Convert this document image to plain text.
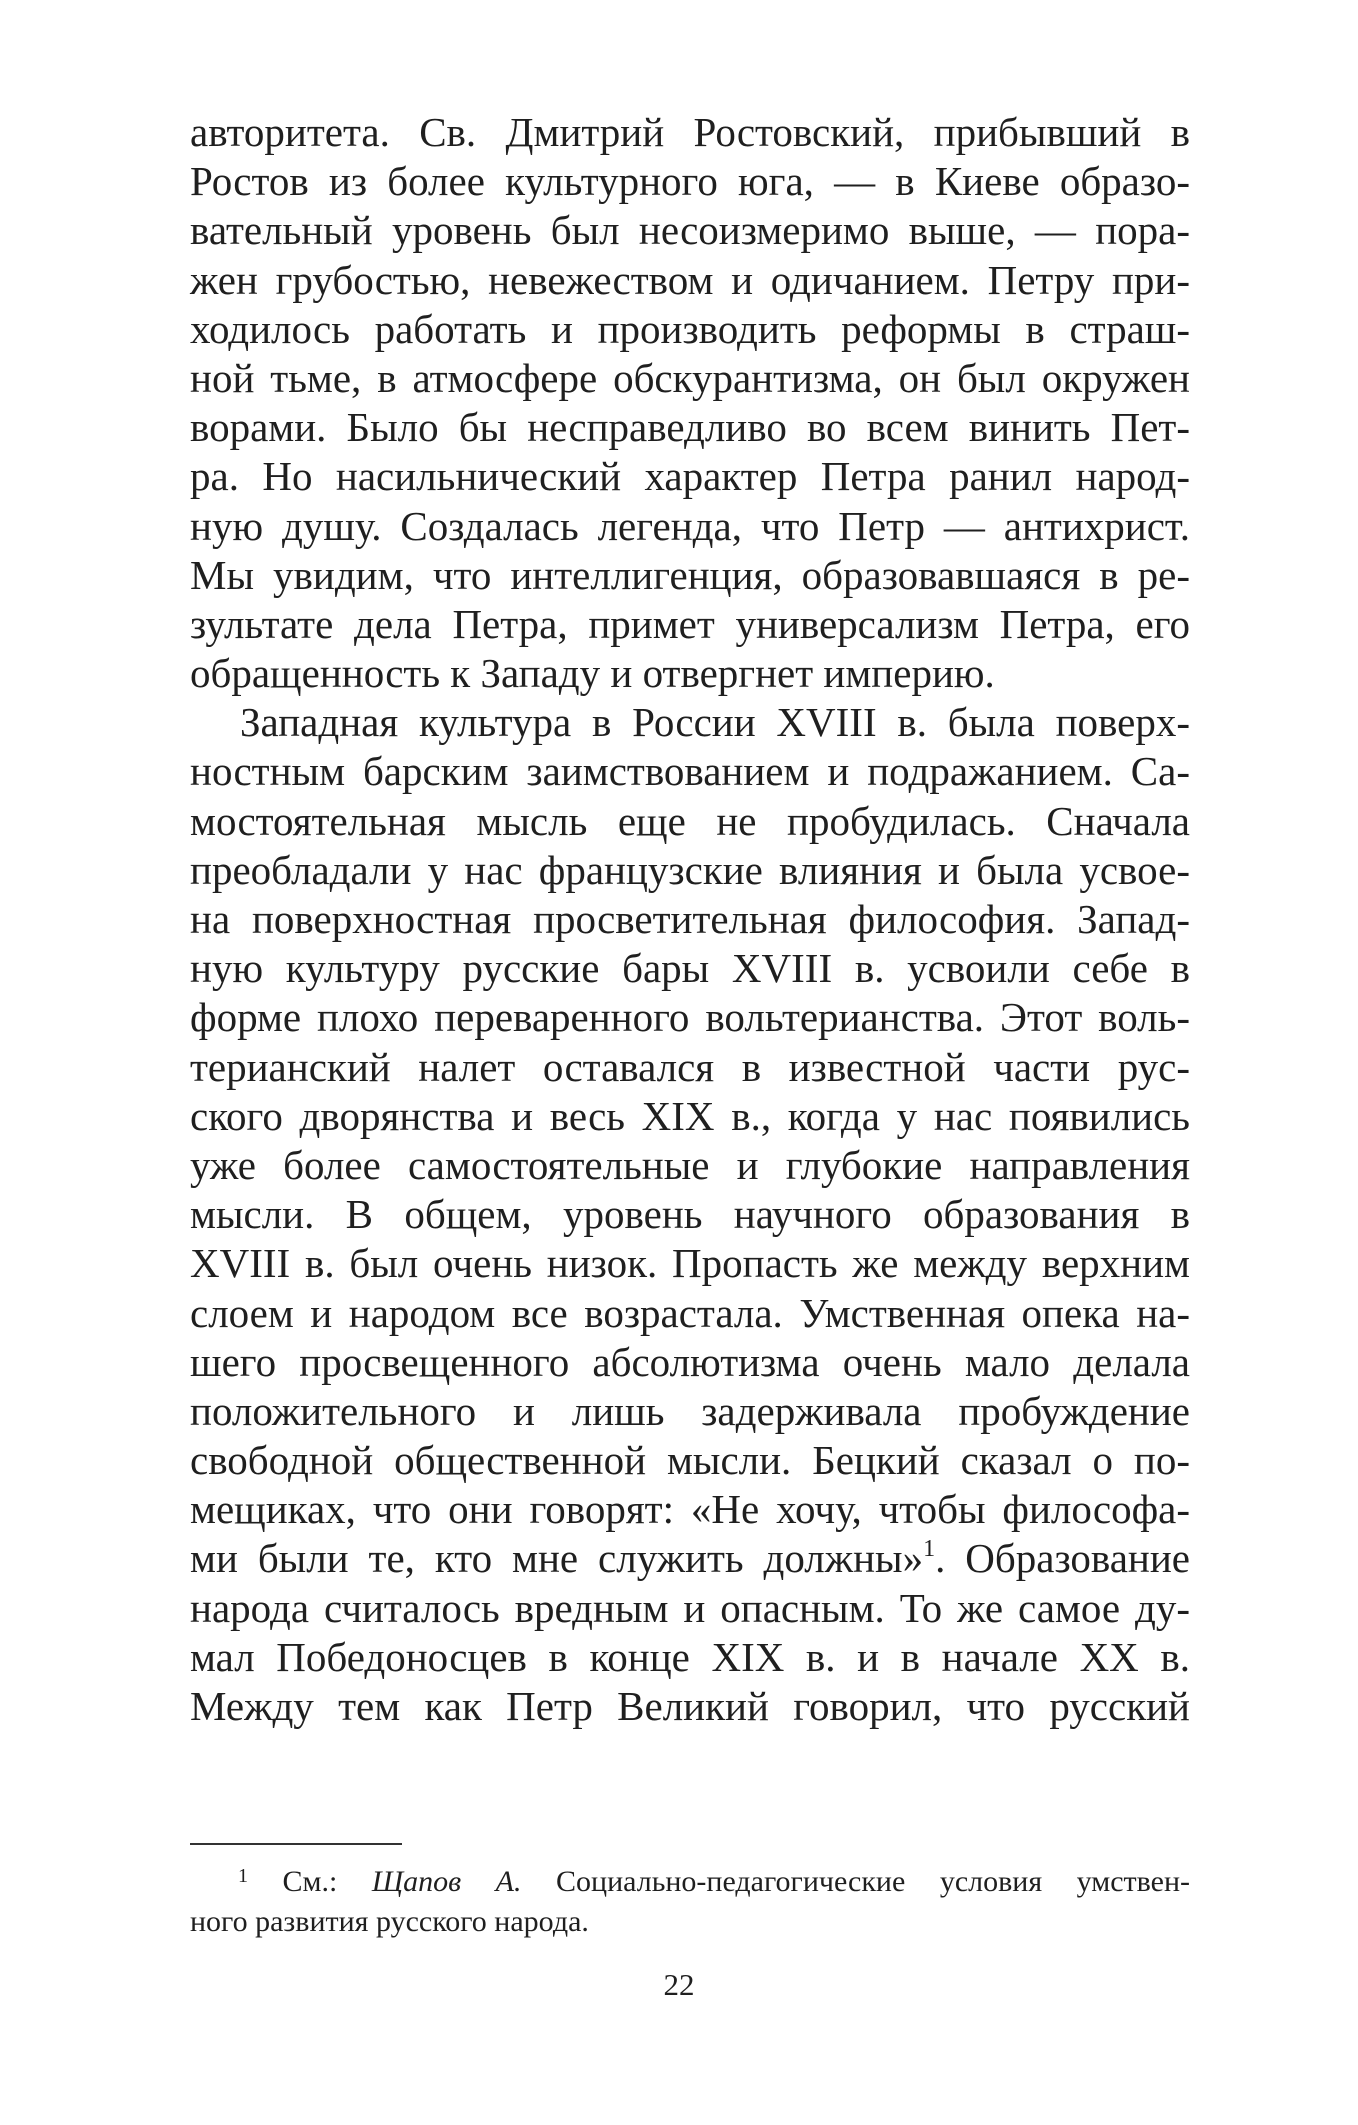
авторитета. Св. Дмитрий Ростовский, прибывший в
Ростов из более культурного юга, — в Киеве образо-
вательный уровень был несоизмеримо выше, — пора-
жен грубостью, невежеством и одичанием. Петру при-
ходилось работать и производить реформы в страш-
ной тьме, в атмосфере обскурантизма, он был окружен
ворами. Было бы несправедливо во всем винить Пет-
ра. Но насильнический характер Петра ранил народ-
ную душу. Создалась легенда, что Петр — антихрист.
Мы увидим, что интеллигенция, образовавшаяся в ре-
зультате дела Петра, примет универсализм Петра, его
обращенность к Западу и отвергнет империю.
Западная культура в России XVIII в. была поверх-
ностным барским заимствованием и подражанием. Са-
мостоятельная мысль еще не пробудилась. Сначала
преобладали у нас французские влияния и была усвое-
на поверхностная просветительная философия. Запад-
ную культуру русские бары XVIII в. усвоили себе в
форме плохо переваренного вольтерианства. Этот воль-
терианский налет оставался в известной части рус-
ского дворянства и весь XIX в., когда у нас появились
уже более самостоятельные и глубокие направления
мысли. В общем, уровень научного образования в
XVIII в. был очень низок. Пропасть же между верхним
слоем и народом все возрастала. Умственная опека на-
шего просвещенного абсолютизма очень мало делала
положительного и лишь задерживала пробуждение
свободной общественной мысли. Бецкий сказал о по-
мещиках, что они говорят: «Не хочу, чтобы философа-
ми были те, кто мне служить должны»$^1$. Образование
народа считалось вредным и опасным. То же самое ду-
мал Победоносцев в конце XIX в. и в начале XX в.
Между тем как Петр Великий говорил, что русский
$^1$ См.: Щапов А. Социально-педагогические условия умствен-
ного развития русского народа.
22
